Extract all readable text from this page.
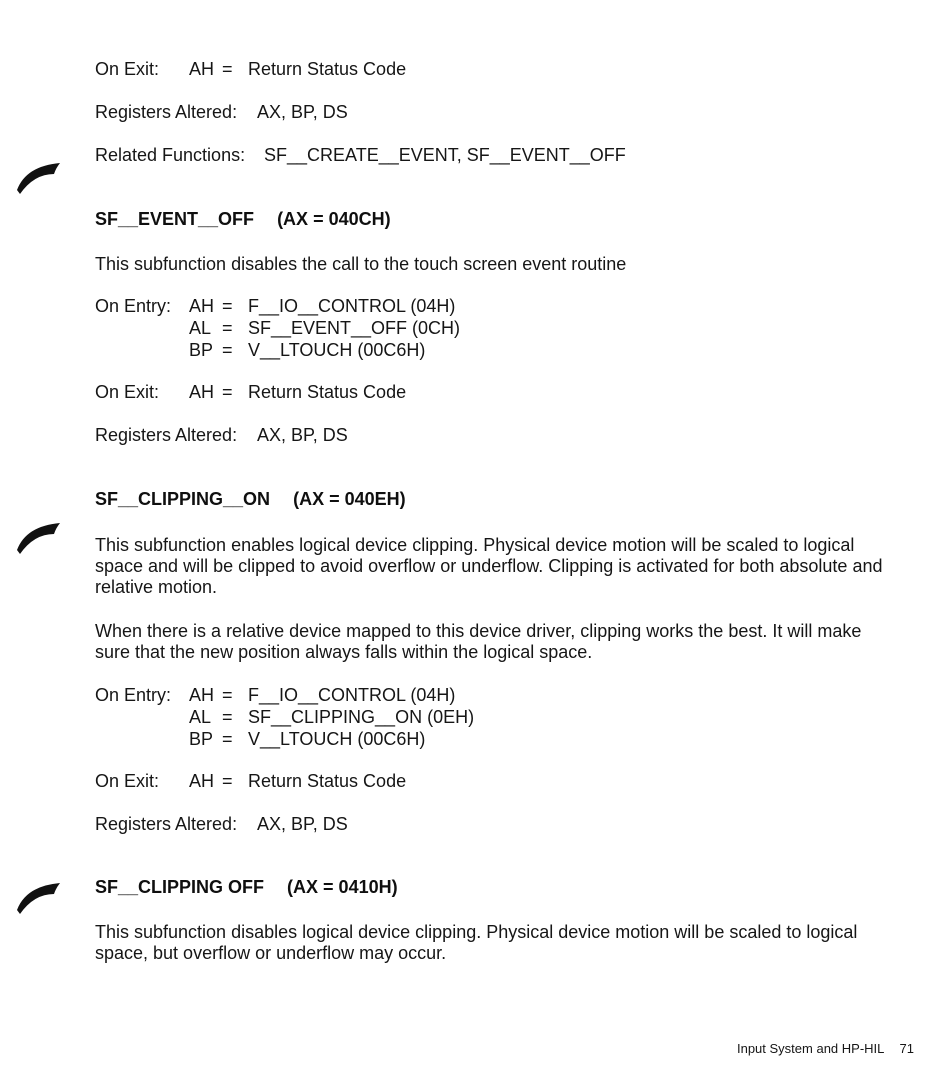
On Exit: AH = Return Status Code
Registers Altered: AX, BP, DS
Related Functions: SF__CREATE__EVENT, SF__EVENT__OFF
SF__EVENT__OFF (AX = 040CH)

This subfunction disables the call to the touch screen event routine

On Entry: AH = F__IO__CONTROL (04H)
AL = SF__EVENT__OFF (0CH)
BP = V__LTOUCH (00C6H)
On Exit: AH = Return Status Code
Registers Altered: AX, BP, DS
SF__CLIPPING__ON (AX = 040EH)

This subfunction enables logical device clipping. Physical device motion will be scaled to logical space and will be clipped to avoid overflow or underflow. Clipping is activated for both absolute and relative motion.

When there is a relative device mapped to this device driver, clipping works the best. It will make sure that the new position always falls within the logical space.

On Entry: AH = F__IO__CONTROL (04H)
AL = SF__CLIPPING__ON (0EH)
BP = V__LTOUCH (00C6H)
On Exit: AH = Return Status Code
Registers Altered: AX, BP, DS
SF__CLIPPING OFF (AX = 0410H)

This subfunction disables logical device clipping. Physical device motion will be scaled to logical space, but overflow or underflow may occur.

Input System and HP-HIL 71
